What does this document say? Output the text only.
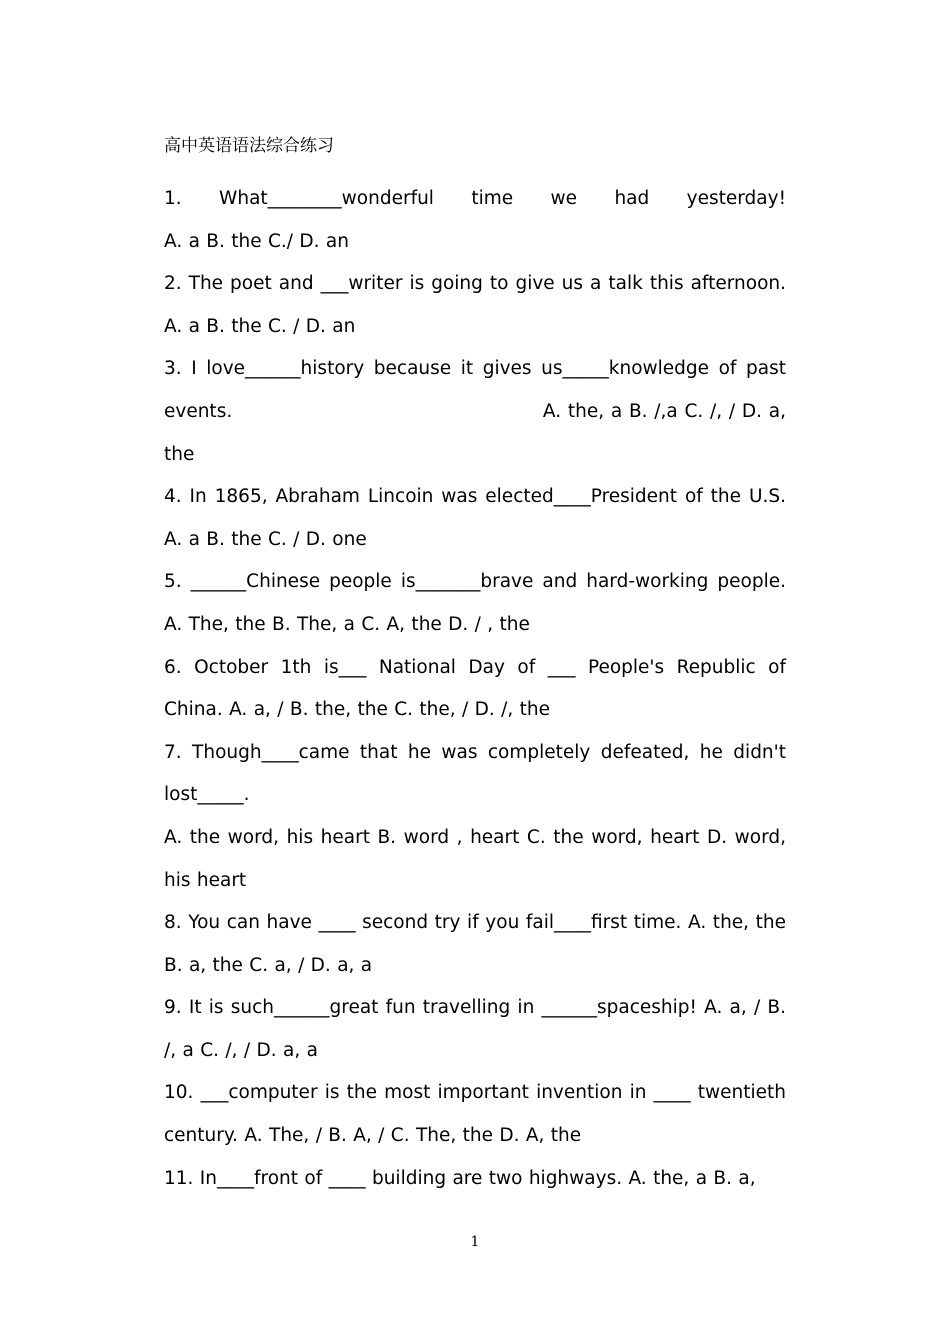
高中英语语法综合练习

1. What________wonderful time we had yesterday!                        A. a B. the C./ D. an

2. The poet and ___writer is going to give us a talk this afternoon. A. a B. the C. / D. an

3. I love______history because it gives us_____knowledge of past events.                                              A. the, a B. /,a C. /, / D. a, the

4. In 1865, Abraham Lincoin was elected____President of the U.S. A. a B. the C. / D. one

5. ______Chinese people is_______brave and hard-working people. A. The, the B. The, a C. A, the D. / , the

6. October 1th is___ National Day of ___ People's Republic of China. A. a, / B. the, the C. the, / D. /, the

7. Though____came that he was completely defeated, he didn't lost_____.

A. the word, his heart B. word , heart C. the word, heart D. word, his heart

8. You can have ____ second try if you fail____first time. A. the, the B. a, the C. a, / D. a, a

9. It is such______great fun travelling in ______spaceship! A. a, / B. /, a C. /, / D. a, a

10. ___computer is the most important invention in ____ twentieth century. A. The, / B. A, / C. The, the D. A, the

11. In____front of ____ building are two highways. A. the, a B. a,

1
